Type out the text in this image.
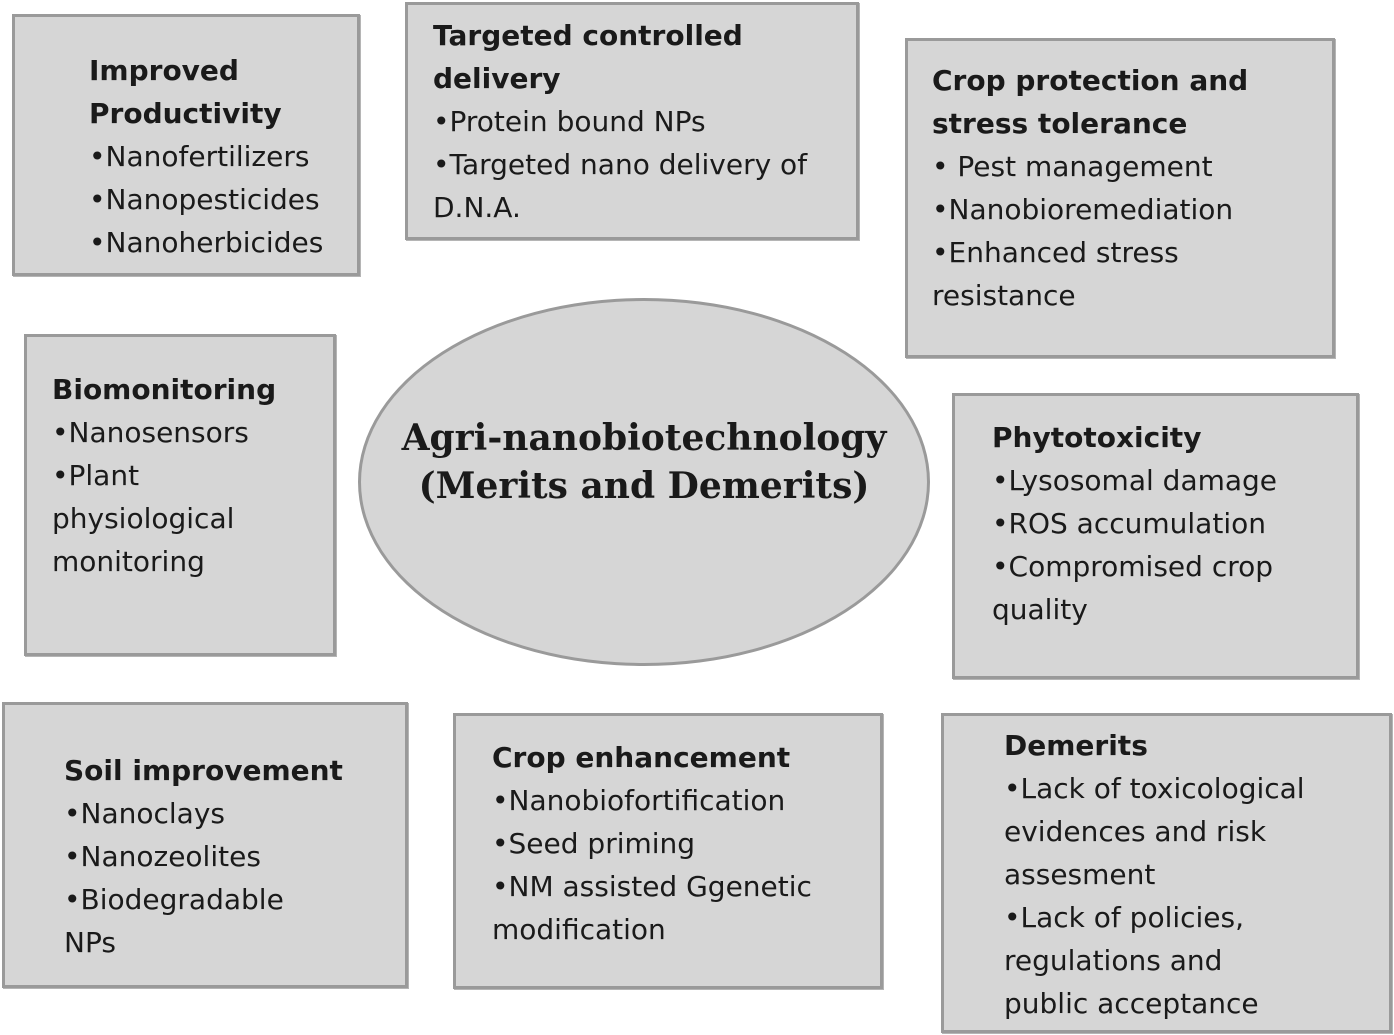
Improved
Productivity
•Nanofertilizers
•Nanopesticides
•Nanoherbicides
Targeted controlled
delivery
•Protein bound NPs
•Targeted nano delivery of
D.N.A.
Crop protection and
stress tolerance
• Pest management
•Nanobioremediation
•Enhanced stress
resistance
Biomonitoring
•Nanosensors
•Plant
physiological
monitoring
Agri-nanobiotechnology
(Merits and Demerits)
Phytotoxicity
•Lysosomal damage
•ROS accumulation
•Compromised crop
quality
Soil improvement
•Nanoclays
•Nanozeolites
•Biodegradable
NPs
Crop enhancement
•Nanobiofortification
•Seed priming
•NM assisted Ggenetic
modification
Demerits
•Lack of toxicological
evidences and risk
assesment
•Lack of policies,
regulations and
public acceptance
